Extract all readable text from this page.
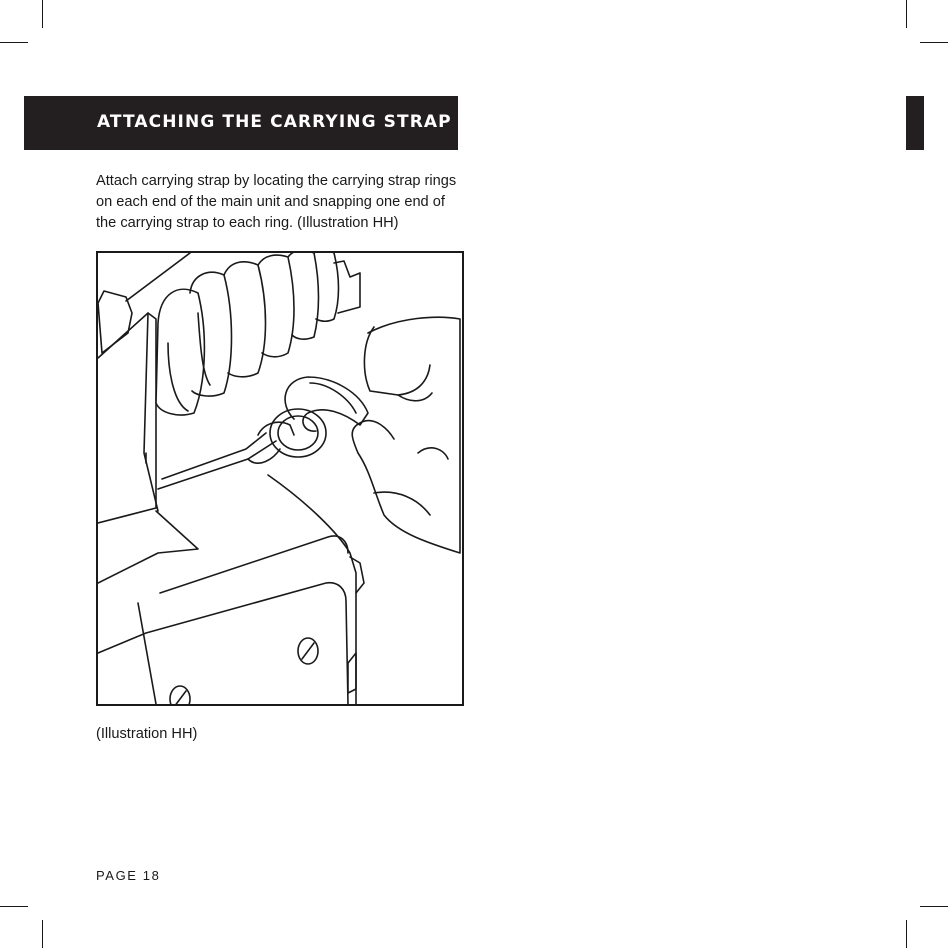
ATTACHING THE CARRYING STRAP

Attach carrying strap by locating the carrying strap rings on each end of the main unit and snapping one end of the carrying strap to each ring. (Illustration HH)

(Illustration HH)

PAGE 18
